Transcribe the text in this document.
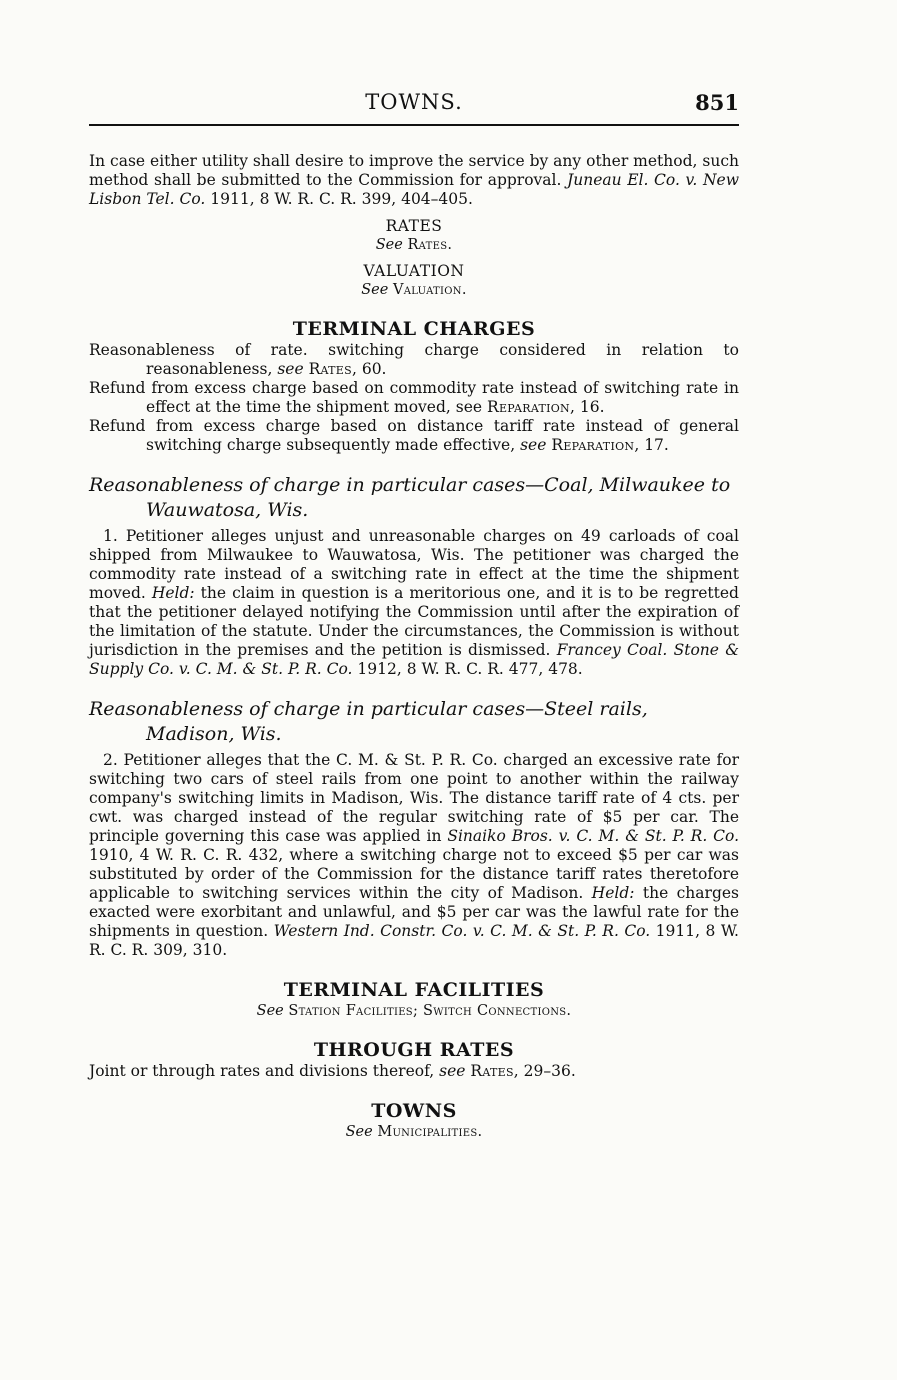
TOWNS.	851

In case either utility shall desire to improve the service by any other method, such method shall be submitted to the Commission for approval. Juneau El. Co. v. New Lisbon Tel. Co. 1911, 8 W. R. C. R. 399, 404–405.

RATES
See Rates.
VALUATION
See Valuation.
TERMINAL CHARGES

Reasonableness of rate. switching charge considered in relation to reasonableness, see Rates, 60.

Refund from excess charge based on commodity rate instead of switching rate in effect at the time the shipment moved, see Reparation, 16.

Refund from excess charge based on distance tariff rate instead of general switching charge subsequently made effective, see Reparation, 17.

Reasonableness of charge in particular cases—Coal, Milwaukee to Wauwatosa, Wis.

1. Petitioner alleges unjust and unreasonable charges on 49 carloads of coal shipped from Milwaukee to Wauwatosa, Wis. The petitioner was charged the commodity rate instead of a switching rate in effect at the time the shipment moved. Held: the claim in question is a meritorious one, and it is to be regretted that the petitioner delayed notifying the Commission until after the expiration of the limitation of the statute. Under the circumstances, the Commission is without jurisdiction in the premises and the petition is dismissed. Francey Coal. Stone & Supply Co. v. C. M. & St. P. R. Co. 1912, 8 W. R. C. R. 477, 478.

Reasonableness of charge in particular cases—Steel rails, Madison, Wis.

2. Petitioner alleges that the C. M. & St. P. R. Co. charged an excessive rate for switching two cars of steel rails from one point to another within the railway company's switching limits in Madison, Wis. The distance tariff rate of 4 cts. per cwt. was charged instead of the regular switching rate of $5 per car. The principle governing this case was applied in Sinaiko Bros. v. C. M. & St. P. R. Co. 1910, 4 W. R. C. R. 432, where a switching charge not to exceed $5 per car was substituted by order of the Commission for the distance tariff rates theretofore applicable to switching services within the city of Madison. Held: the charges exacted were exorbitant and unlawful, and $5 per car was the lawful rate for the shipments in question. Western Ind. Constr. Co. v. C. M. & St. P. R. Co. 1911, 8 W. R. C. R. 309, 310.

TERMINAL FACILITIES
See Station Facilities; Switch Connections.
THROUGH RATES

Joint or through rates and divisions thereof, see Rates, 29–36.

TOWNS
See Municipalities.
